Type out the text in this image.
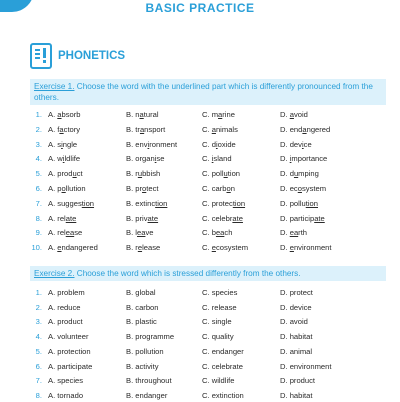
BASIC PRACTICE
PHONETICS
Exercise 1. Choose the word with the underlined part which is differently pronounced from the others.
1. A. absorb	B. natural	C. marine	D. avoid
2. A. factory	B. transport	C. animals	D. endangered
3. A. single	B. environment	C. dioxide	D. device
4. A. wildlife	B. organise	C. island	D. importance
5. A. product	B. rubbish	C. pollution	D. dumping
6. A. pollution	B. protect	C. carbon	D. ecosystem
7. A. suggestion	B. extinction	C. protection	D. pollution
8. A. relate	B. private	C. celebrate	D. participate
9. A. release	B. leave	C. beach	D. earth
10. A. endangered	B. release	C. ecosystem	D. environment
Exercise 2. Choose the word which is stressed differently from the others.
1. A. problem	B. global	C. species	D. protect
2. A. reduce	B. carbon	C. release	D. device
3. A. product	B. plastic	C. single	D. avoid
4. A. volunteer	B. programme	C. quality	D. habitat
5. A. protection	B. pollution	C. endanger	D. animal
6. A. participate	B. activity	C. celebrate	D. environment
7. A. species	B. throughout	C. wildlife	D. product
8. A. tornado	B. endanger	C. extinction	D. habitat
